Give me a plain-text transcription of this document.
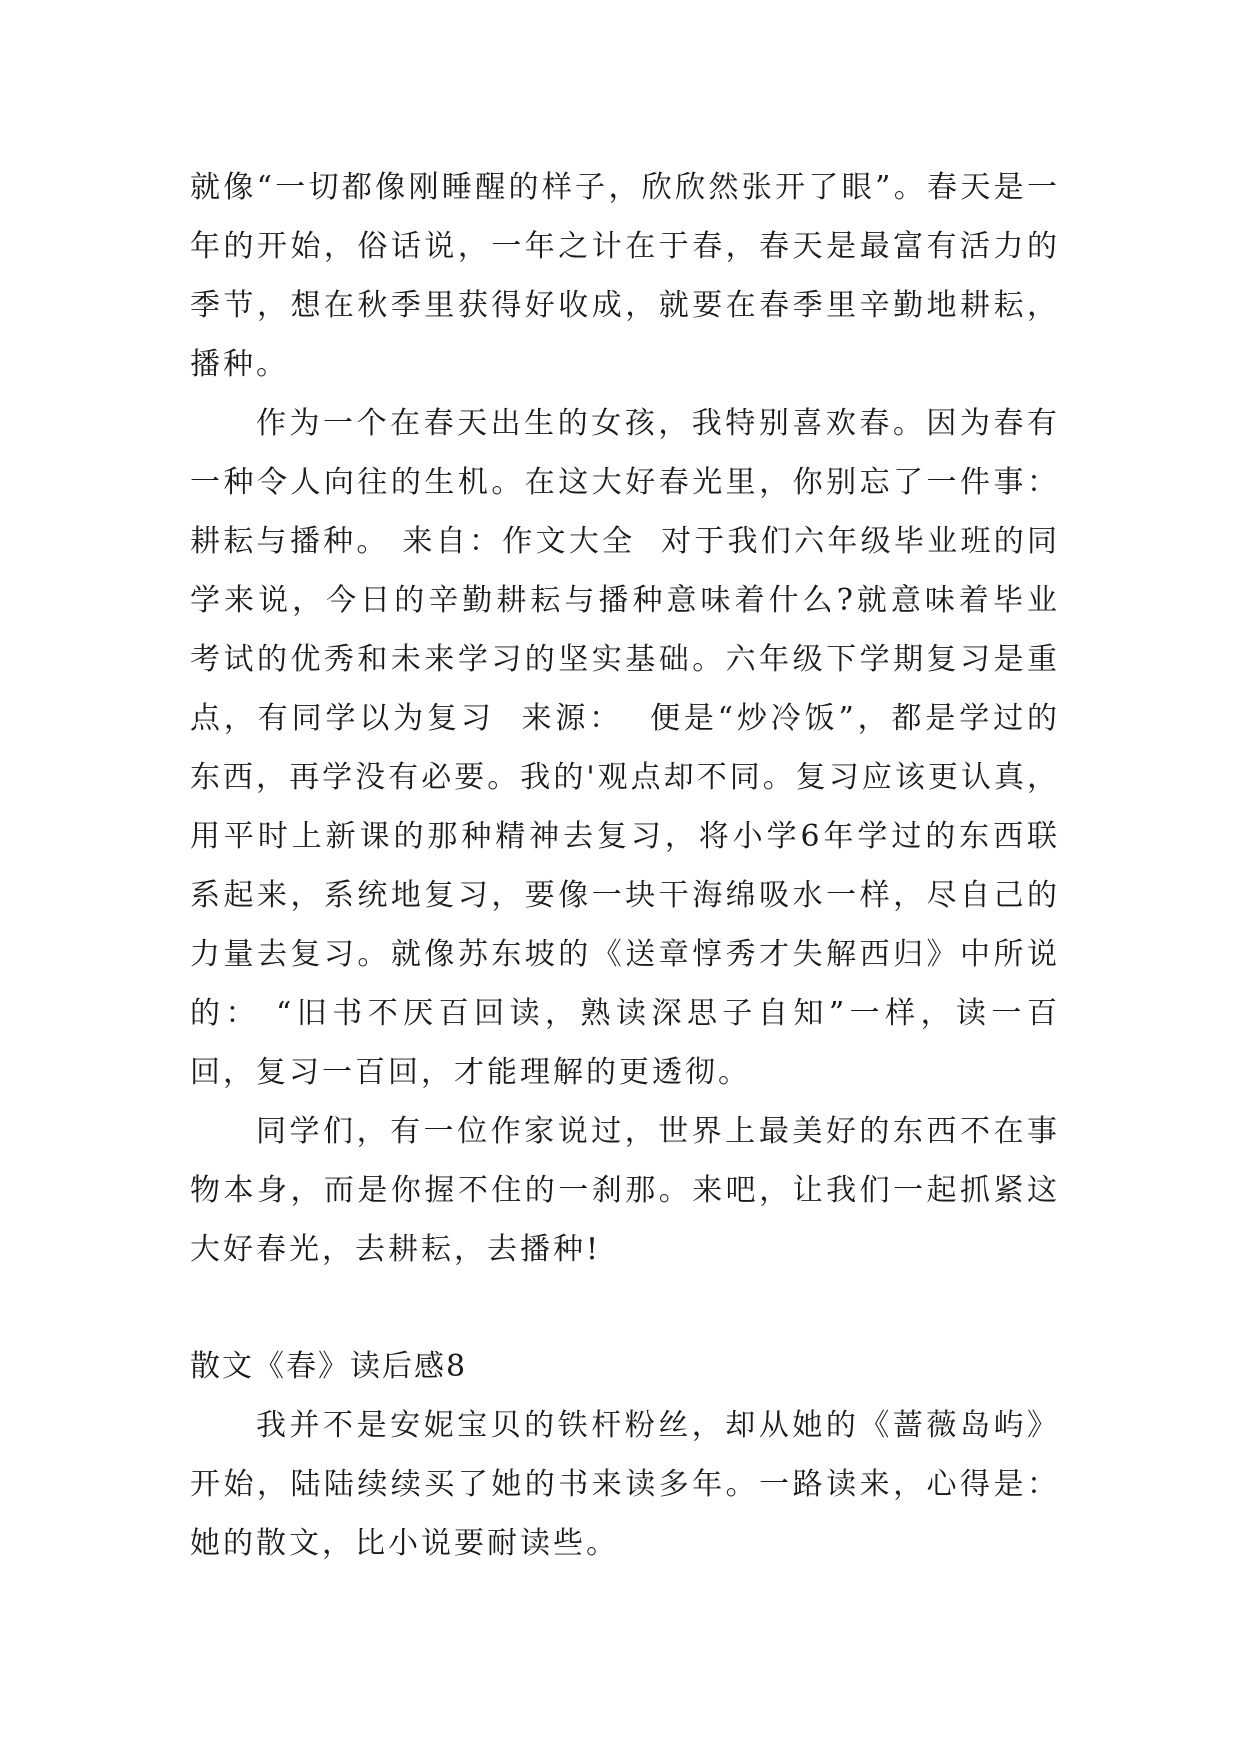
就像“一切都像刚睡醒的样子，欣欣然张开了眼”。春天是一年的开始，俗话说，一年之计在于春，春天是最富有活力的季节，想在秋季里获得好收成，就要在春季里辛勤地耕耘，播种。

作为一个在春天出生的女孩，我特别喜欢春。因为春有一种令人向往的生机。在这大好春光里，你别忘了一件事：耕耘与播种。 来自：作文大全  对于我们六年级毕业班的同学来说，今日的辛勤耕耘与播种意味着什么?就意味着毕业考试的优秀和未来学习的坚实基础。六年级下学期复习是重点，有同学以为复习  来源：  便是“炒冷饭”，都是学过的东西，再学没有必要。我的'观点却不同。复习应该更认真，用平时上新课的那种精神去复习，将小学6年学过的东西联系起来，系统地复习，要像一块干海绵吸水一样，尽自己的力量去复习。就像苏东坡的《送章惇秀才失解西归》中所说的： “旧书不厌百回读，熟读深思子自知”一样，读一百回，复习一百回，才能理解的更透彻。

同学们，有一位作家说过，世界上最美好的东西不在事物本身，而是你握不住的一刹那。来吧，让我们一起抓紧这大好春光，去耕耘，去播种!

散文《春》读后感8

我并不是安妮宝贝的铁杆粉丝，却从她的《蔷薇岛屿》开始，陆陆续续买了她的书来读多年。一路读来，心得是：她的散文，比小说要耐读些。
